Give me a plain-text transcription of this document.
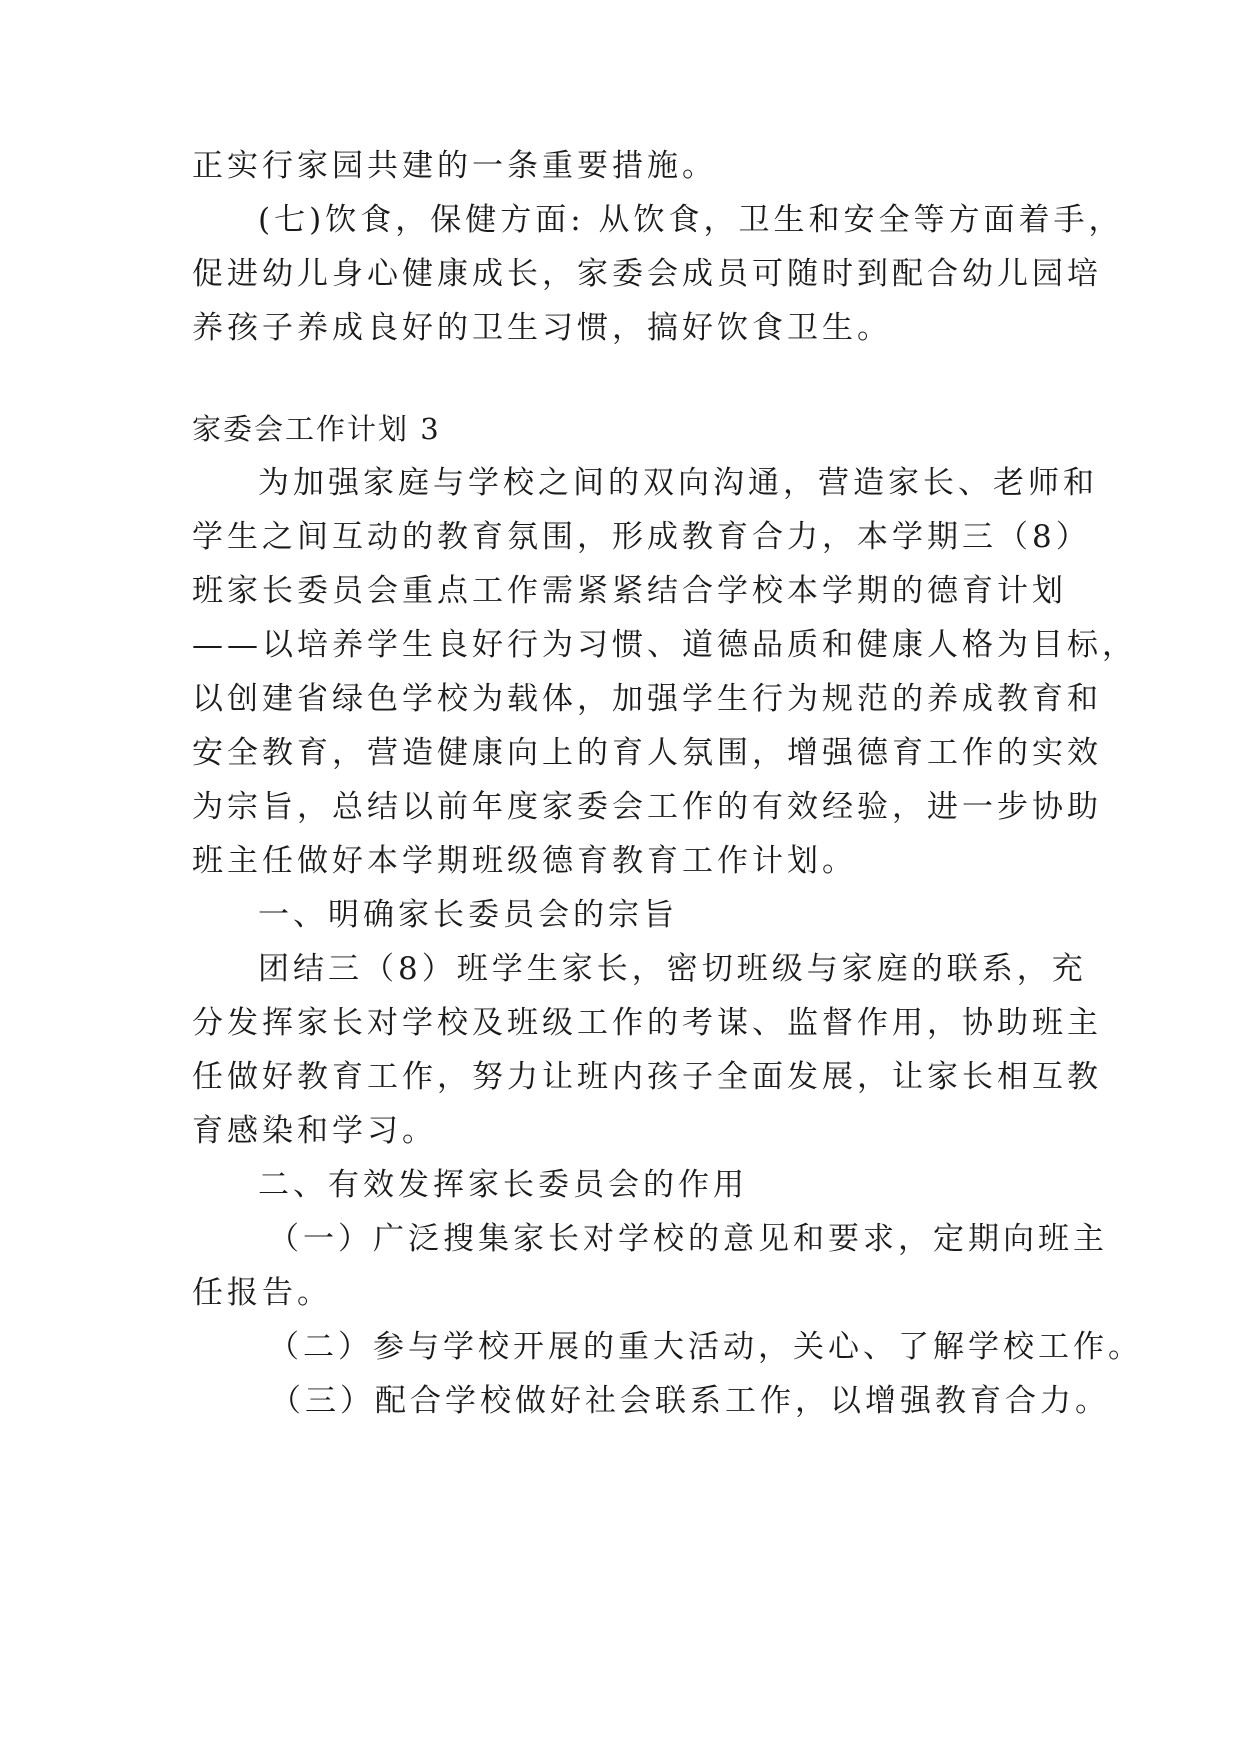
正实行家园共建的一条重要措施。
(七)饮食，保健方面: 从饮食，卫生和安全等方面着手，
促进幼儿身心健康成长，家委会成员可随时到配合幼儿园培
养孩子养成良好的卫生习惯，搞好饮食卫生。
家委会工作计划 3
为加强家庭与学校之间的双向沟通，营造家长、老师和
学生之间互动的教育氛围，形成教育合力，本学期三（8）
班家长委员会重点工作需紧紧结合学校本学期的德育计划
——以培养学生良好行为习惯、道德品质和健康人格为目标，
以创建省绿色学校为载体，加强学生行为规范的养成教育和
安全教育，营造健康向上的育人氛围，增强德育工作的实效
为宗旨，总结以前年度家委会工作的有效经验，进一步协助
班主任做好本学期班级德育教育工作计划。
一、明确家长委员会的宗旨
团结三（8）班学生家长，密切班级与家庭的联系，充
分发挥家长对学校及班级工作的考谋、监督作用，协助班主
任做好教育工作，努力让班内孩子全面发展，让家长相互教
育感染和学习。
二、有效发挥家长委员会的作用
（一）广泛搜集家长对学校的意见和要求，定期向班主
任报告。
（二）参与学校开展的重大活动，关心、了解学校工作。
（三）配合学校做好社会联系工作，以增强教育合力。
